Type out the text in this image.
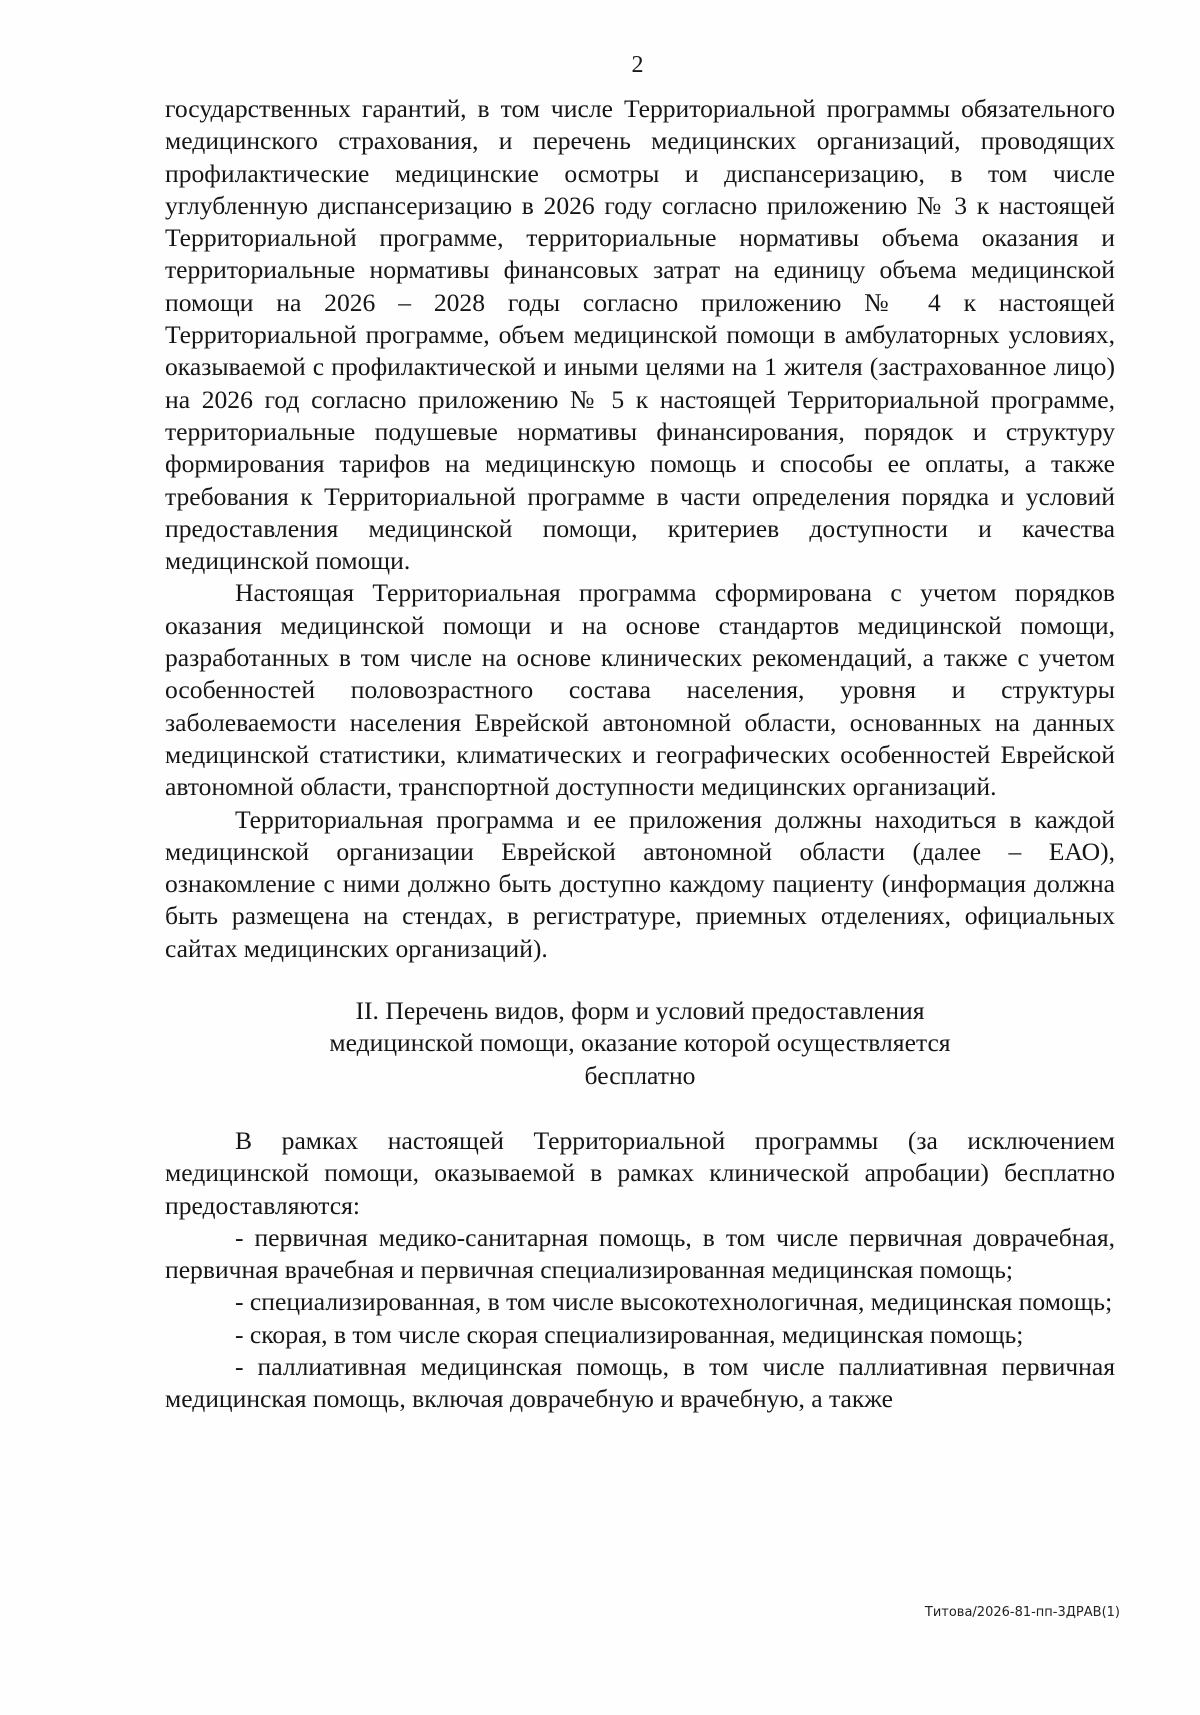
2

государственных гарантий, в том числе Территориальной программы обязательного медицинского страхования, и перечень медицинских организаций, проводящих профилактические медицинские осмотры и диспансеризацию, в том числе углубленную диспансеризацию в 2026 году согласно приложению № 3 к настоящей Территориальной программе, территориальные нормативы объема оказания и территориальные нормативы финансовых затрат на единицу объема медицинской помощи на 2026 – 2028 годы согласно приложению № 4 к настоящей Территориальной программе, объем медицинской помощи в амбулаторных условиях, оказываемой с профилактической и иными целями на 1 жителя (застрахованное лицо) на 2026 год согласно приложению № 5 к настоящей Территориальной программе, территориальные подушевые нормативы финансирования, порядок и структуру формирования тарифов на медицинскую помощь и способы ее оплаты, а также требования к Территориальной программе в части определения порядка и условий предоставления медицинской помощи, критериев доступности и качества медицинской помощи.

Настоящая Территориальная программа сформирована с учетом порядков оказания медицинской помощи и на основе стандартов медицинской помощи, разработанных в том числе на основе клинических рекомендаций, а также с учетом особенностей половозрастного состава населения, уровня и структуры заболеваемости населения Еврейской автономной области, основанных на данных медицинской статистики, климатических и географических особенностей Еврейской автономной области, транспортной доступности медицинских организаций.

Территориальная программа и ее приложения должны находиться в каждой медицинской организации Еврейской автономной области (далее – ЕАО), ознакомление с ними должно быть доступно каждому пациенту (информация должна быть размещена на стендах, в регистратуре, приемных отделениях, официальных сайтах медицинских организаций).

II. Перечень видов, форм и условий предоставления
медицинской помощи, оказание которой осуществляется
бесплатно

В рамках настоящей Территориальной программы (за исключением медицинской помощи, оказываемой в рамках клинической апробации) бесплатно предоставляются:

- первичная медико-санитарная помощь, в том числе первичная доврачебная, первичная врачебная и первичная специализированная медицинская помощь;

- специализированная, в том числе высокотехнологичная, медицинская помощь;

- скорая, в том числе скорая специализированная, медицинская помощь;

- паллиативная медицинская помощь, в том числе паллиативная первичная медицинская помощь, включая доврачебную и врачебную, а также

Титова/2026-81-пп-3ДРАВ(1)
